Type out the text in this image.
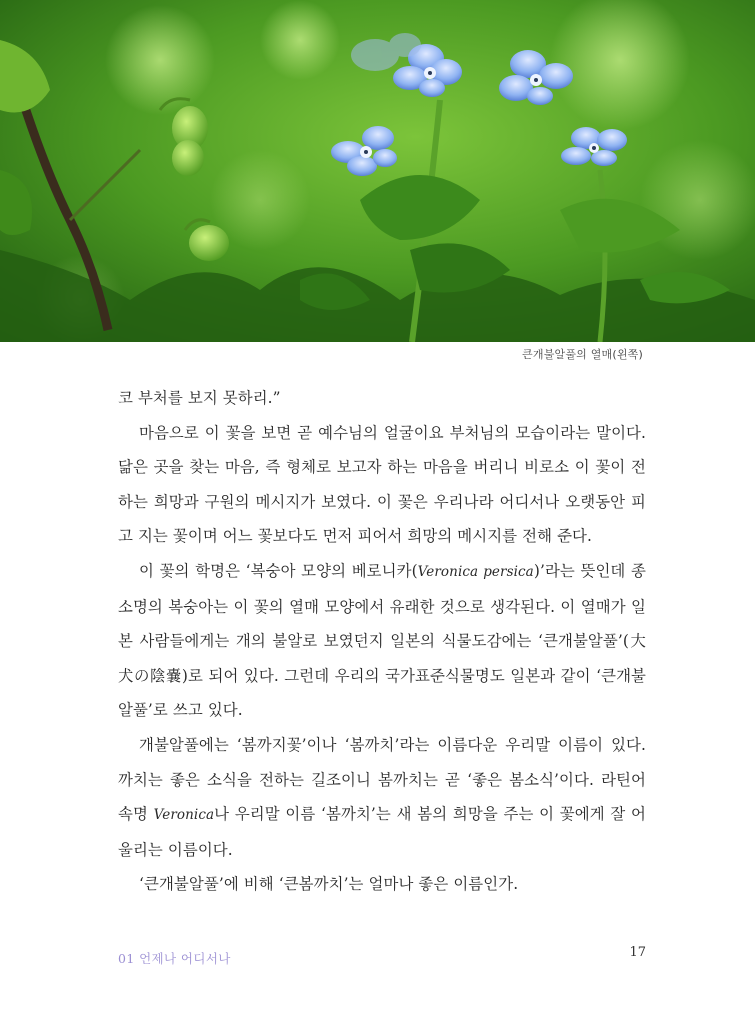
큰개불알풀의 열매(왼쪽)

코 부처를 보지 못하리.”

마음으로 이 꽃을 보면 곧 예수님의 얼굴이요 부처님의 모습이라는 말이다. 닮은 곳을 찾는 마음, 즉 형체로 보고자 하는 마음을 버리니 비로소 이 꽃이 전하는 희망과 구원의 메시지가 보였다. 이 꽃은 우리나라 어디서나 오랫동안 피고 지는 꽃이며 어느 꽃보다도 먼저 피어서 희망의 메시지를 전해 준다.

이 꽃의 학명은 ‘복숭아 모양의 베로니카(Veronica persica)’라는 뜻인데 종소명의 복숭아는 이 꽃의 열매 모양에서 유래한 것으로 생각된다. 이 열매가 일본 사람들에게는 개의 불알로 보였던지 일본의 식물도감에는 ‘큰개불알풀’(大犬の陰嚢)로 되어 있다. 그런데 우리의 국가표준식물명도 일본과 같이 ‘큰개불알풀’로 쓰고 있다.

개불알풀에는 ‘봄까지꽃’이나 ‘봄까치’라는 이름다운 우리말 이름이 있다. 까치는 좋은 소식을 전하는 길조이니 봄까치는 곧 ‘좋은 봄소식’이다. 라틴어 속명 Veronica나 우리말 이름 ‘봄까치’는 새 봄의 희망을 주는 이 꽃에게 잘 어울리는 이름이다.

‘큰개불알풀’에 비해 ‘큰봄까치’는 얼마나 좋은 이름인가.

01 언제나 어디서나	17
